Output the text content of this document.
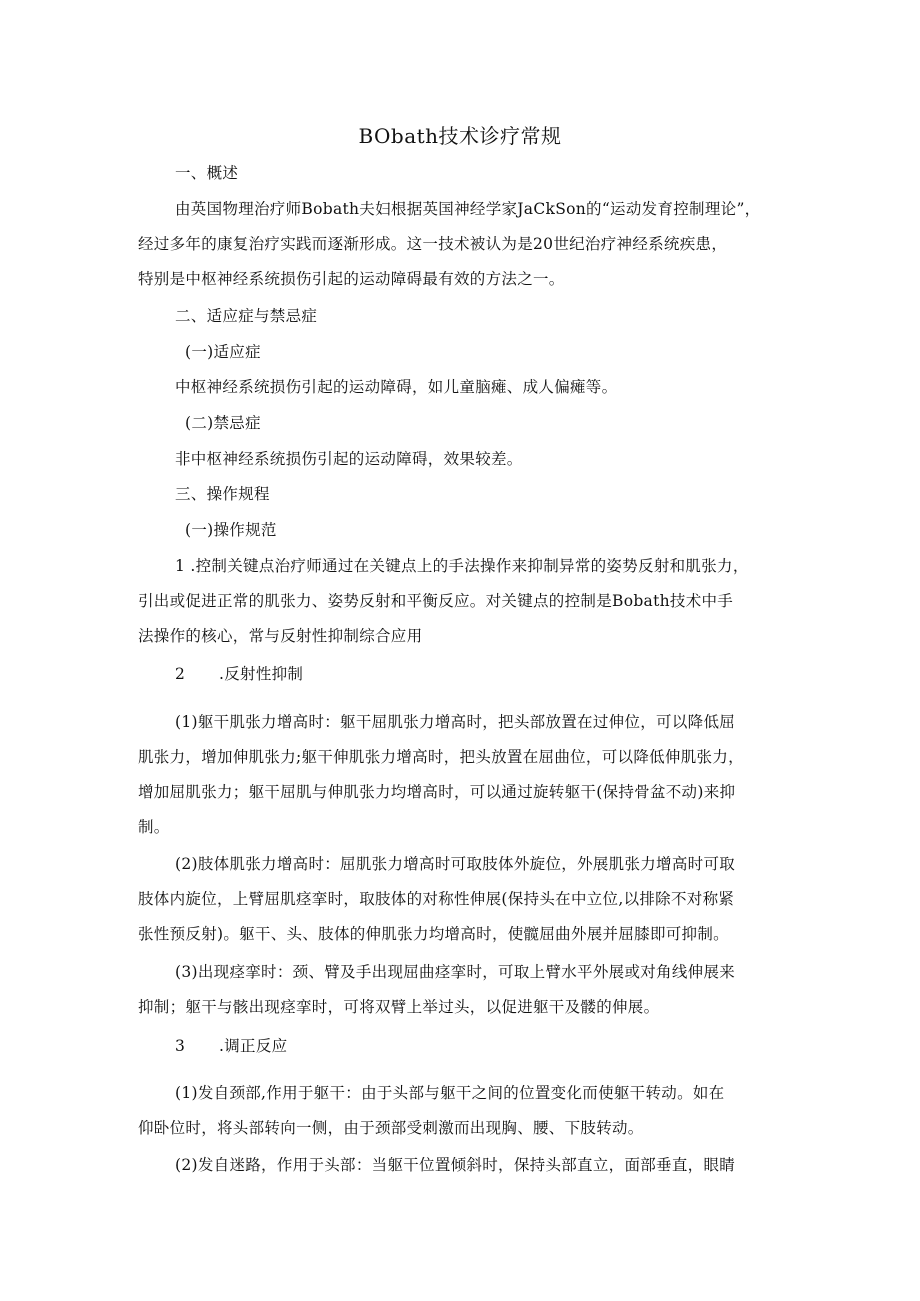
BObath技术诊疗常规

一、概述

由英国物理治疗师Bobath夫妇根据英国神经学家JaCkSon的“运动发育控制理论”，

经过多年的康复治疗实践而逐渐形成。这一技术被认为是20世纪治疗神经系统疾患，

特别是中枢神经系统损伤引起的运动障碍最有效的方法之一。

二、适应症与禁忌症

(一)适应症

中枢神经系统损伤引起的运动障碍，如儿童脑瘫、成人偏瘫等。

(二)禁忌症

非中枢神经系统损伤引起的运动障碍，效果较差。

三、操作规程

(一)操作规范

1 .控制关键点治疗师通过在关键点上的手法操作来抑制异常的姿势反射和肌张力，

引出或促进正常的肌张力、姿势反射和平衡反应。对关键点的控制是Bobath技术中手

法操作的核心，常与反射性抑制综合应用

2 .反射性抑制

(1)躯干肌张力增高时：躯干屈肌张力增高时，把头部放置在过伸位，可以降低屈

肌张力，增加伸肌张力;躯干伸肌张力增高时，把头放置在屈曲位，可以降低伸肌张力，

增加屈肌张力；躯干屈肌与伸肌张力均增高时，可以通过旋转躯干(保持骨盆不动)来抑

制。

(2)肢体肌张力增高时：屈肌张力增高时可取肢体外旋位，外展肌张力增高时可取

肢体内旋位，上臂屈肌痉挛时，取肢体的对称性伸展(保持头在中立位,以排除不对称紧

张性预反射)。躯干、头、肢体的伸肌张力均增高时，使髋屈曲外展并屈膝即可抑制。

(3)出现痉挛时：颈、臂及手出现屈曲痉挛时，可取上臂水平外展或对角线伸展来

抑制；躯干与骸出现痉挛时，可将双臂上举过头，以促进躯干及髅的伸展。

3 .调正反应

(1)发自颈部,作用于躯干：由于头部与躯干之间的位置变化而使躯干转动。如在

仰卧位时，将头部转向一侧，由于颈部受刺激而出现胸、腰、下肢转动。

(2)发自迷路，作用于头部：当躯干位置倾斜时，保持头部直立，面部垂直，眼睛
